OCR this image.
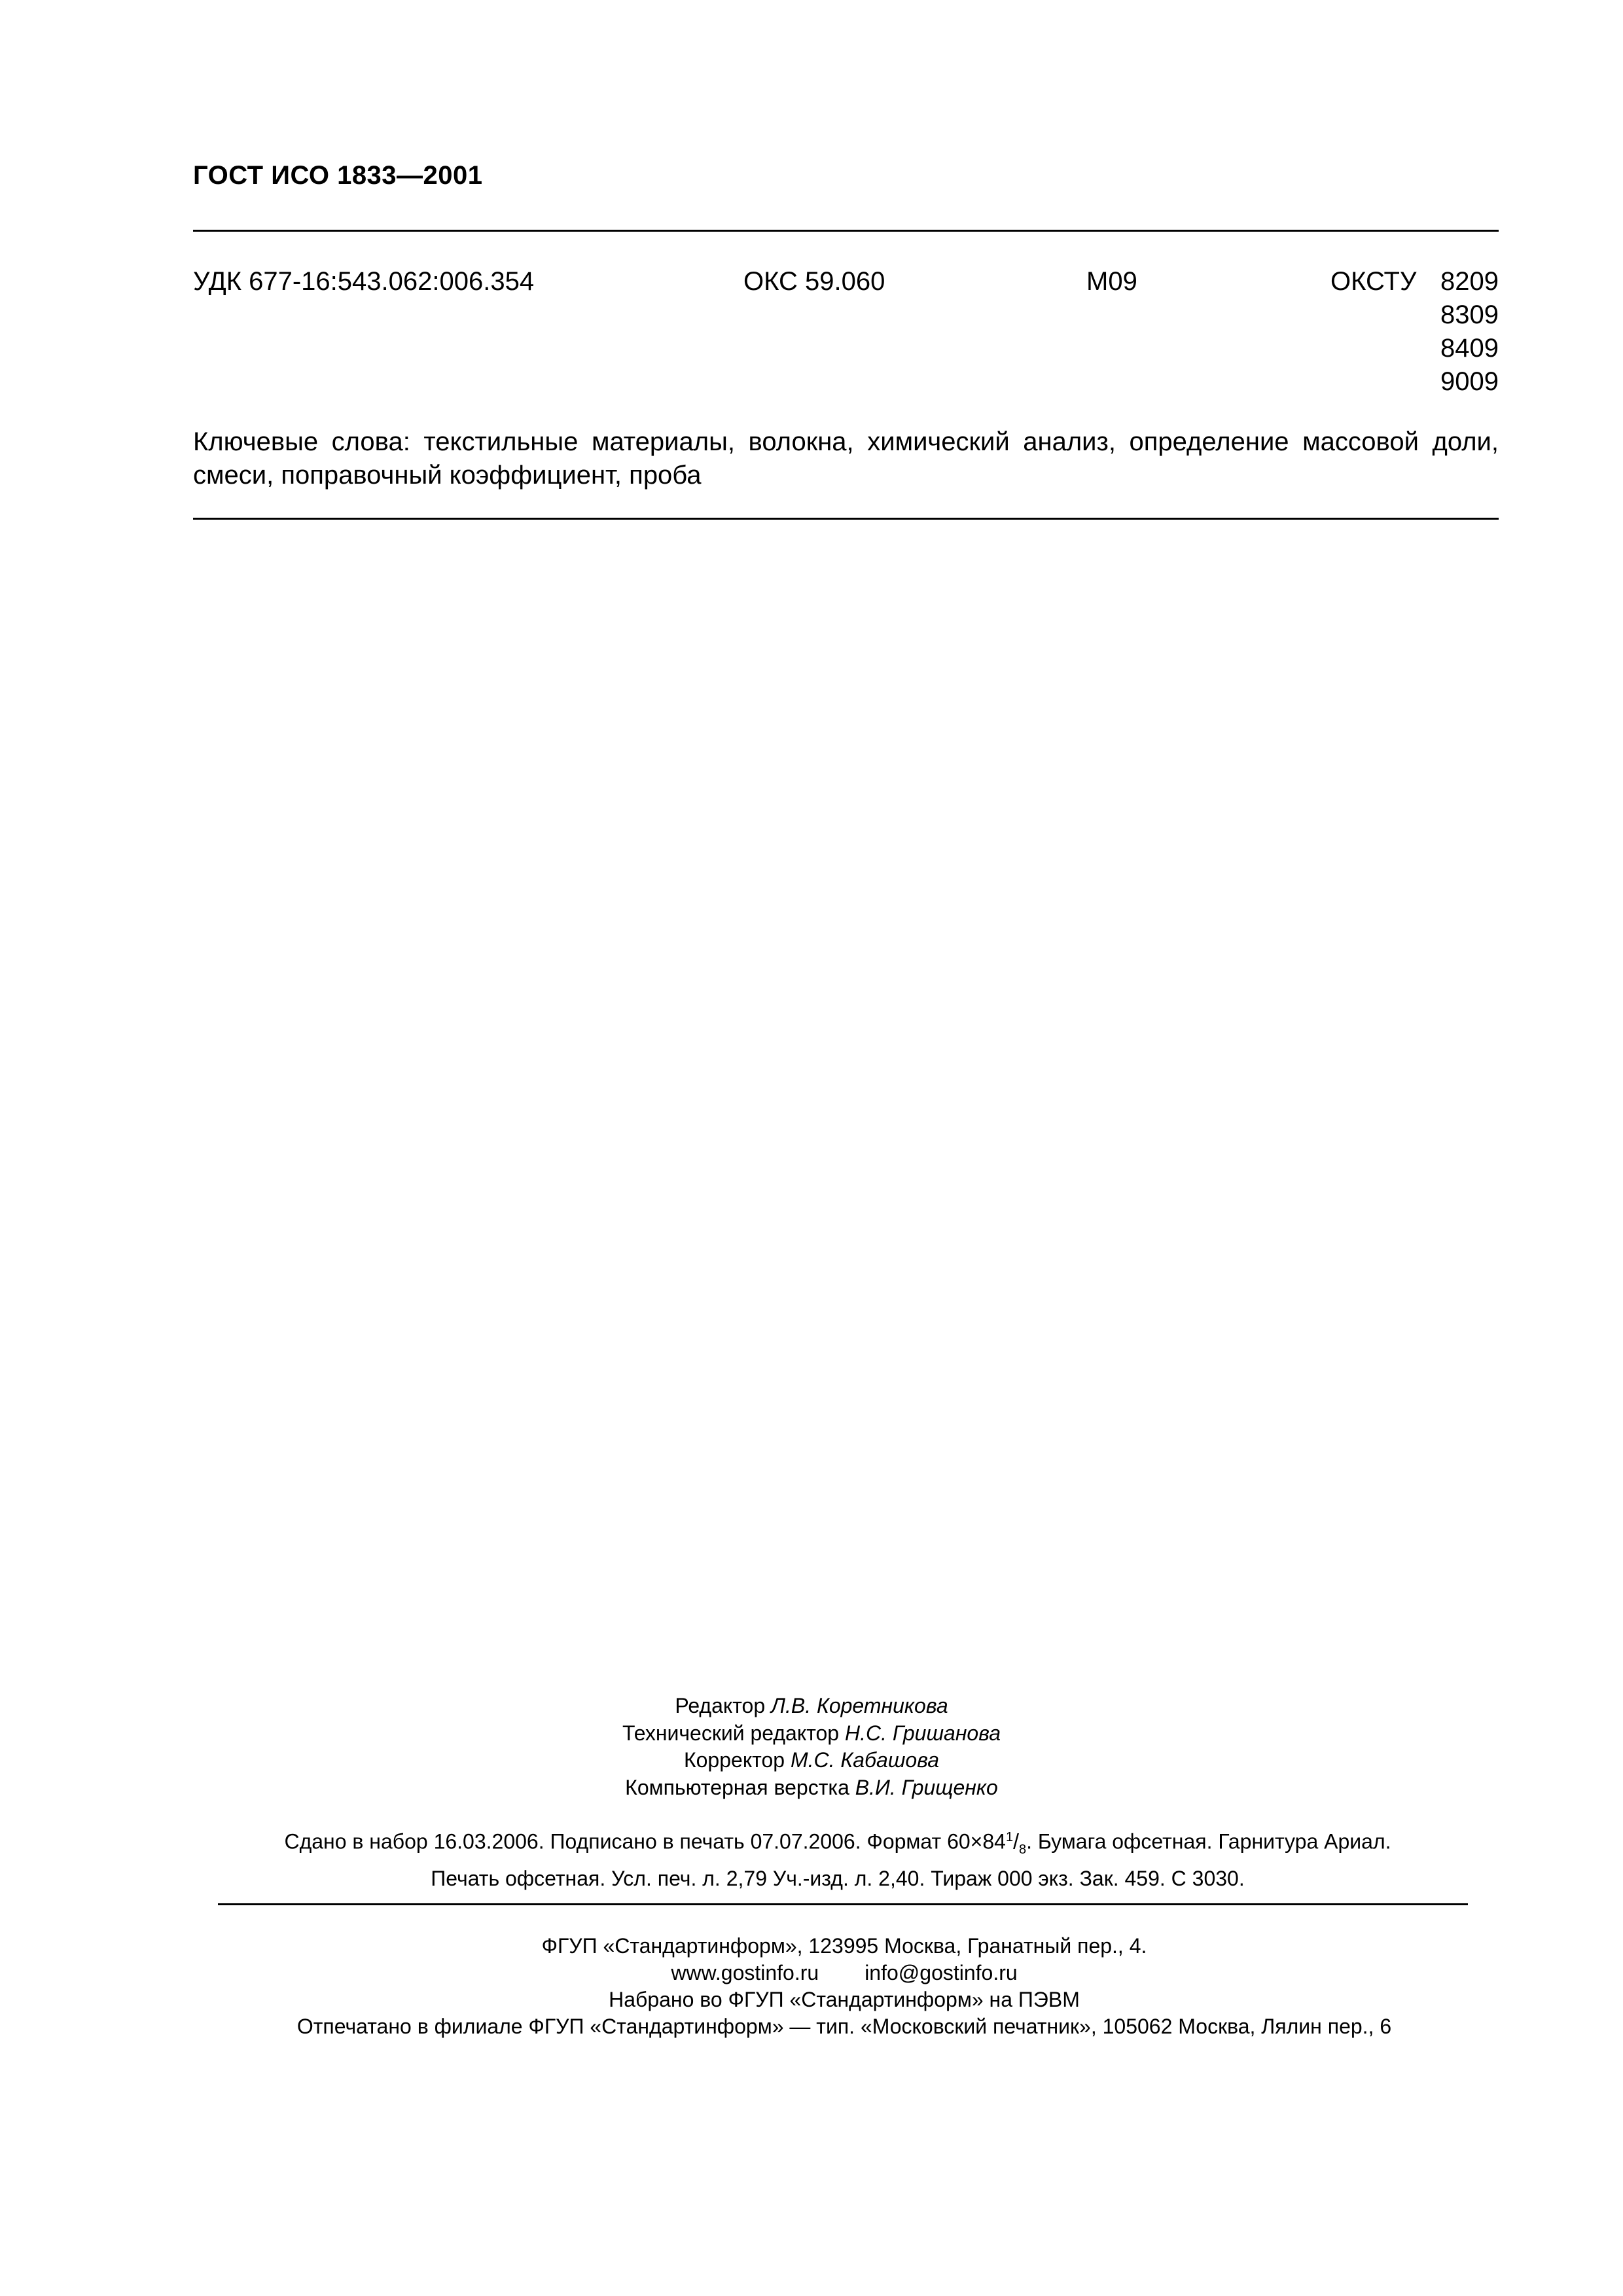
ГОСТ ИСО 1833—2001
УДК 677-16:543.062:006.354	ОКС 59.060	М09	ОКСТУ 8209
8309
8409
9009
Ключевые слова: текстильные материалы, волокна, химический анализ, определение массовой доли, смеси, поправочный коэффициент, проба
Редактор Л.В. Коретникова
Технический редактор Н.С. Гришанова
Корректор М.С. Кабашова
Компьютерная верстка В.И. Грищенко
Сдано в набор 16.03.2006. Подписано в печать 07.07.2006. Формат $60\times 84^1/_8$. Бумага офсетная. Гарнитура Ариал.
Печать офсетная. Усл. печ. л. 2,79 Уч.-изд. л. 2,40. Тираж 000 экз. Зак. 459. С 3030.
ФГУП «Стандартинформ», 123995 Москва, Гранатный пер., 4.
www.gostinfo.ru info@gostinfo.ru
Набрано во ФГУП «Стандартинформ» на ПЭВМ
Отпечатано в филиале ФГУП «Стандартинформ» — тип. «Московский печатник», 105062 Москва, Лялин пер., 6
